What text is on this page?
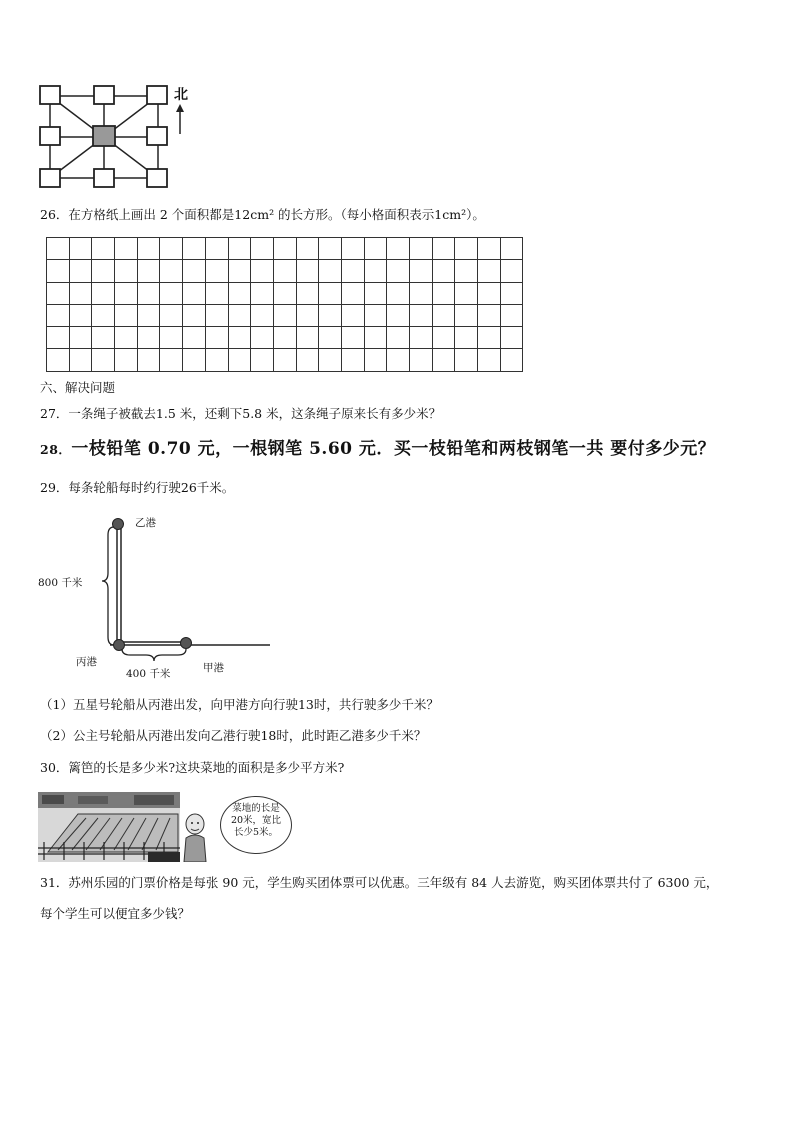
北
26．在方格纸上画出 2 个面积都是12cm² 的长方形。（每小格面积表示1cm²）。

六、解决问题
27．一条绳子被截去1.5 米，还剩下5.8 米，这条绳子原来长有多少米？
28．一枝铅笔 0.70 元，一根钢笔 5.60 元．买一枝铅笔和两枝钢笔一共 要付多少元？
29．每条轮船每时约行驶26千米。
乙港
800 千米
丙港
400 千米	甲港
（1）五星号轮船从丙港出发，向甲港方向行驶13时，共行驶多少千米？
（2）公主号轮船从丙港出发向乙港行驶18时，此时距乙港多少千米？
30．篱笆的长是多少米?这块菜地的面积是多少平方米?
菜地的长是
20米，宽比
长少5米。
31．苏州乐园的门票价格是每张 90 元，学生购买团体票可以优惠。三年级有 84 人去游览，购买团体票共付了 6300 元，
每个学生可以便宜多少钱？
